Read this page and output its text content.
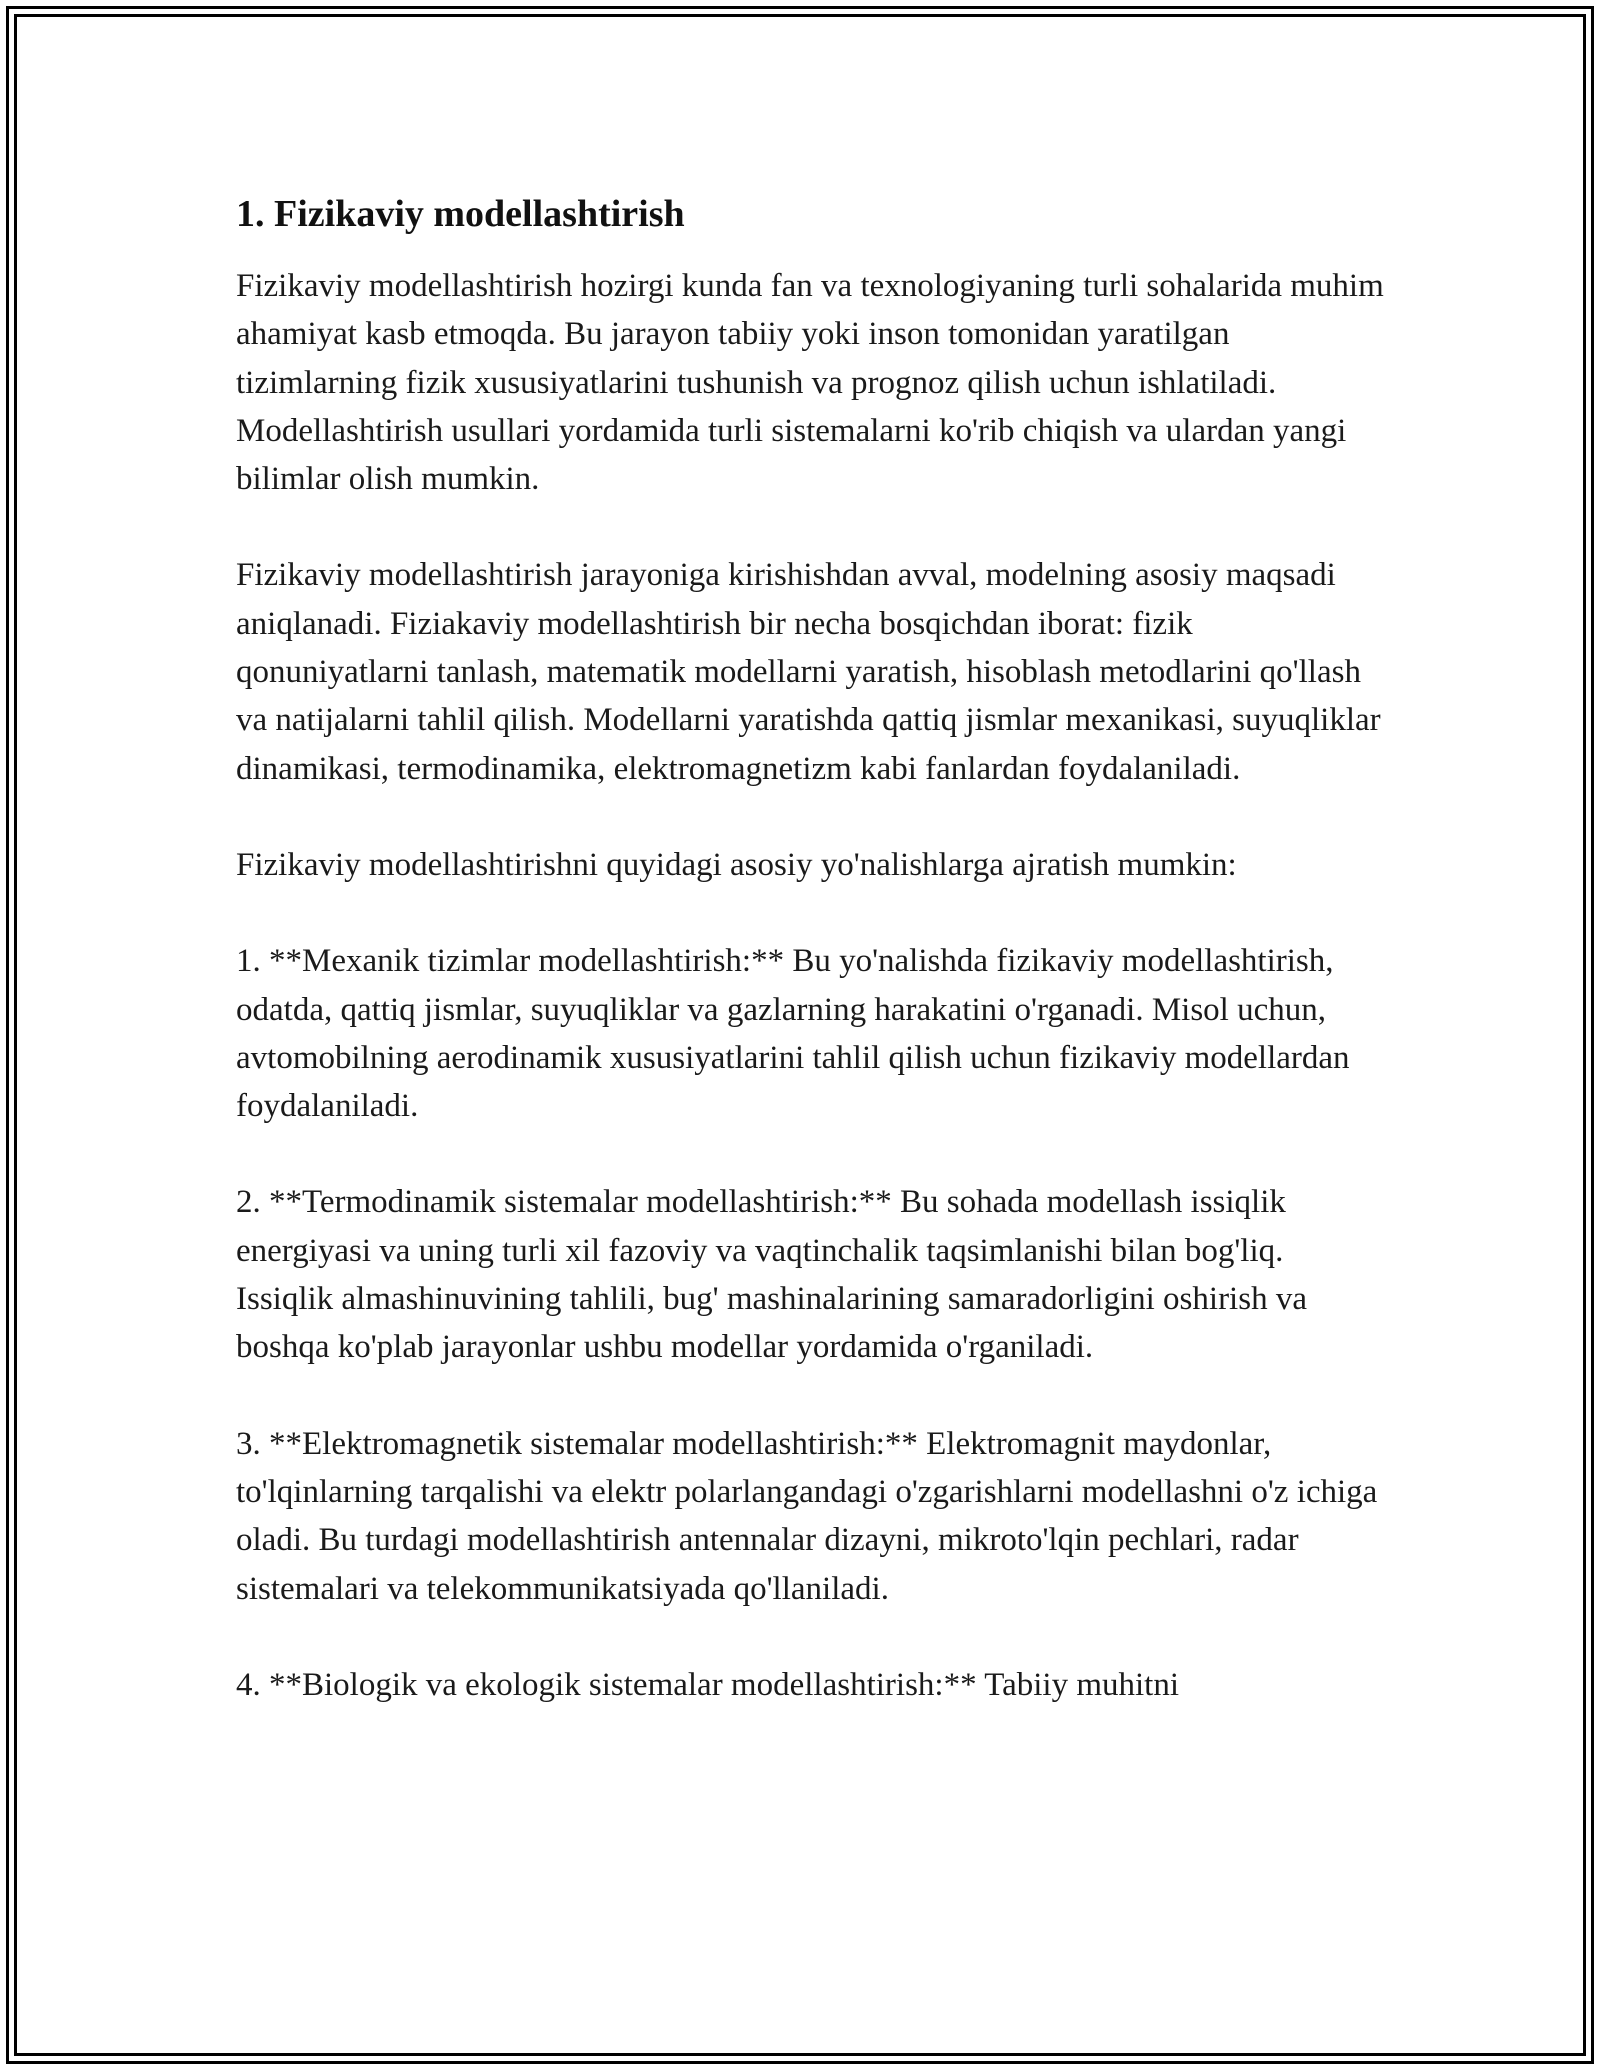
1. Fizikaviy modellashtirish

Fizikaviy modellashtirish hozirgi kunda fan va texnologiyaning turli sohalarida muhim ahamiyat kasb etmoqda. Bu jarayon tabiiy yoki inson tomonidan yaratilgan tizimlarning fizik xususiyatlarini tushunish va prognoz qilish uchun ishlatiladi. Modellashtirish usullari yordamida turli sistemalarni ko'rib chiqish va ulardan yangi bilimlar olish mumkin.

Fizikaviy modellashtirish jarayoniga kirishishdan avval, modelning asosiy maqsadi aniqlanadi. Fiziakaviy modellashtirish bir necha bosqichdan iborat: fizik qonuniyatlarni tanlash, matematik modellarni yaratish, hisoblash metodlarini qo'llash va natijalarni tahlil qilish. Modellarni yaratishda qattiq jismlar mexanikasi, suyuqliklar dinamikasi, termodinamika, elektromagnetizm kabi fanlardan foydalaniladi.

Fizikaviy modellashtirishni quyidagi asosiy yo'nalishlarga ajratish mumkin:

1. **Mexanik tizimlar modellashtirish:** Bu yo'nalishda fizikaviy modellashtirish, odatda, qattiq jismlar, suyuqliklar va gazlarning harakatini o'rganadi. Misol uchun, avtomobilning aerodinamik xususiyatlarini tahlil qilish uchun fizikaviy modellardan foydalaniladi.

2. **Termodinamik sistemalar modellashtirish:** Bu sohada modellash issiqlik energiyasi va uning turli xil fazoviy va vaqtinchalik taqsimlanishi bilan bog'liq. Issiqlik almashinuvining tahlili, bug' mashinalarining samaradorligini oshirish va boshqa ko'plab jarayonlar ushbu modellar yordamida o'rganiladi.

3. **Elektromagnetik sistemalar modellashtirish:** Elektromagnit maydonlar, to'lqinlarning tarqalishi va elektr polarlangandagi o'zgarishlarni modellashni o'z ichiga oladi. Bu turdagi modellashtirish antennalar dizayni, mikroto'lqin pechlari, radar sistemalari va telekommunikatsiyada qo'llaniladi.

4. **Biologik va ekologik sistemalar modellashtirish:** Tabiiy muhitni
